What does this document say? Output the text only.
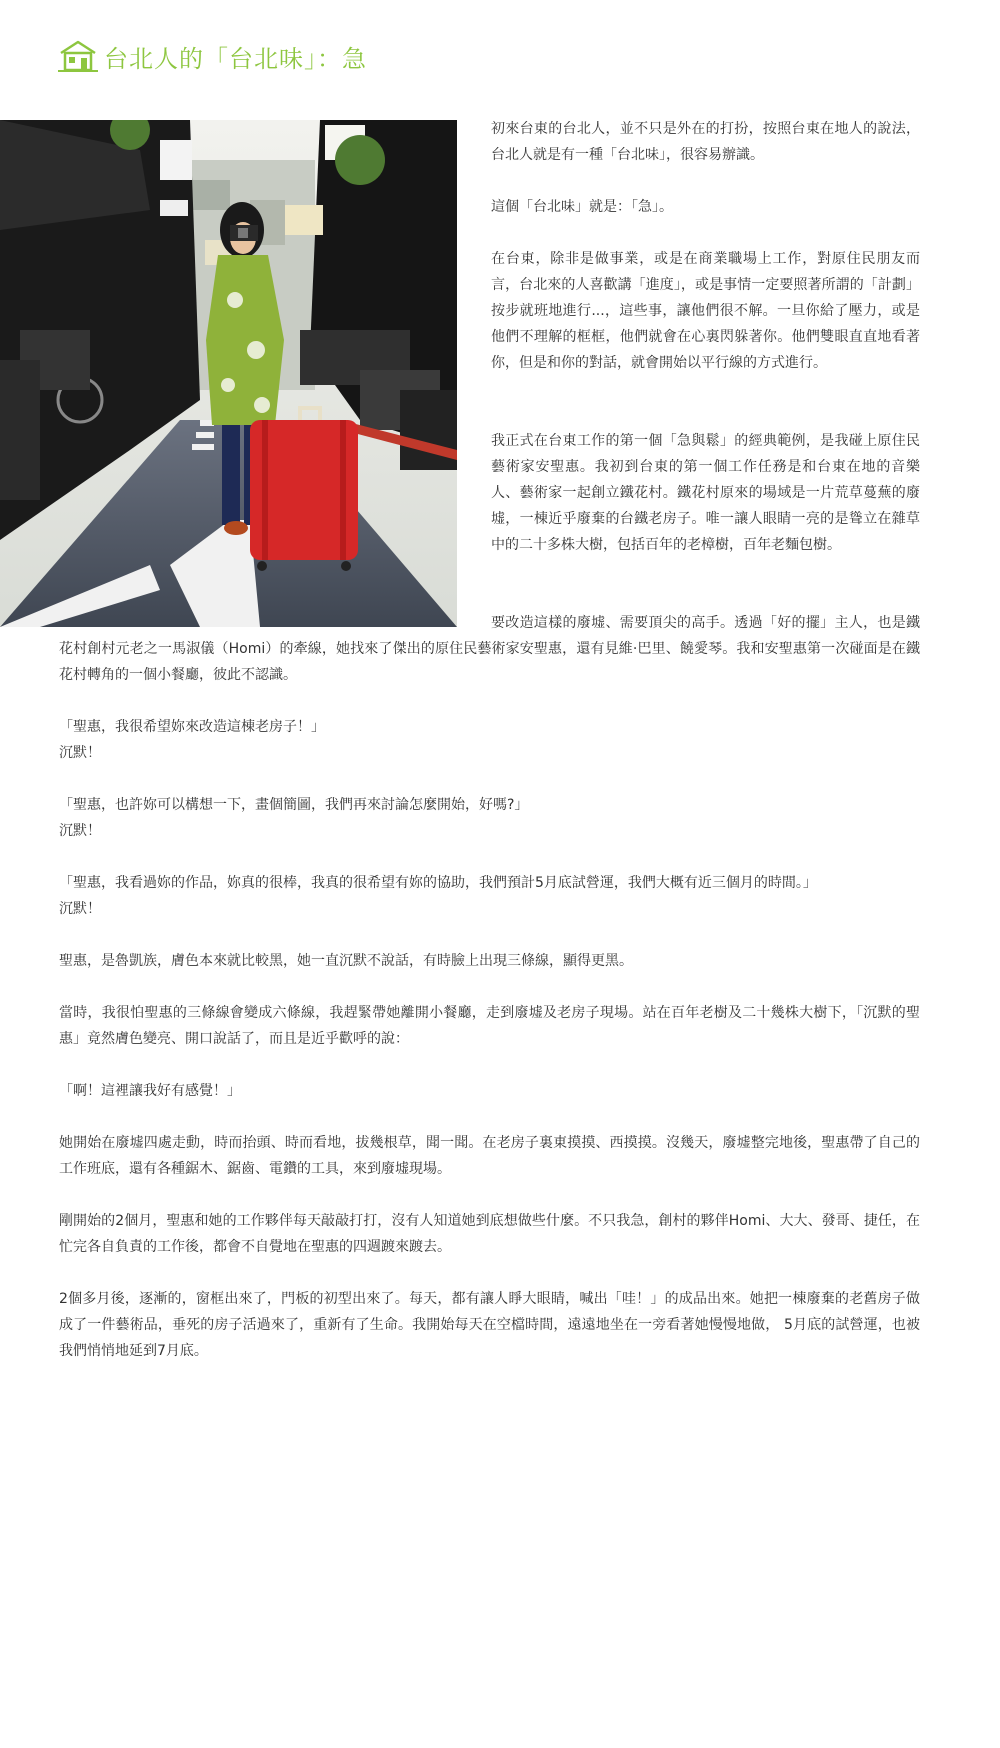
台北人的「台北味」：急

初來台東的台北人，並不只是外在的打扮，按照台東在地人的說法，台北人就是有一種「台北味」，很容易辦識。

這個「台北味」就是：「急」。

在台東，除非是做事業，或是在商業職場上工作，對原住民朋友而言，台北來的人喜歡講「進度」，或是事情一定要照著所謂的「計劃」按步就班地進行...，這些事，讓他們很不解。一旦你給了壓力，或是他們不理解的框框，他們就會在心裏閃躲著你。他們雙眼直直地看著你，但是和你的對話，就會開始以平行線的方式進行。

我正式在台東工作的第一個「急與鬆」的經典範例，是我碰上原住民藝術家安聖惠。我初到台東的第一個工作任務是和台東在地的音樂人、藝術家一起創立鐵花村。鐵花村原來的場域是一片荒草蔓蕪的廢墟，一棟近乎廢棄的台鐵老房子。唯一讓人眼睛一亮的是聳立在雜草中的二十多株大樹，包括百年的老樟樹，百年老麵包樹。

要改造這樣的廢墟、需要頂尖的高手。透過「好的擺」主人，也是鐵花村創村元老之一馬淑儀（Homi）的牽線，她找來了傑出的原住民藝術家安聖惠，還有見維·巴里、饒愛琴。我和安聖惠第一次碰面是在鐵花村轉角的一個小餐廳，彼此不認識。

「聖惠，我很希望妳來改造這棟老房子！」

沉默！

「聖惠，也許妳可以構想一下，畫個簡圖，我們再來討論怎麼開始，好嗎?」

沉默！

「聖惠，我看過妳的作品，妳真的很棒，我真的很希望有妳的協助，我們預計5月底試營運，我們大概有近三個月的時間。」

沉默！

聖惠，是魯凱族，膚色本來就比較黑，她一直沉默不說話，有時臉上出現三條線，顯得更黑。

當時，我很怕聖惠的三條線會變成六條線，我趕緊帶她離開小餐廳，走到廢墟及老房子現場。站在百年老樹及二十幾株大樹下，「沉默的聖惠」竟然膚色變亮、開口說話了，而且是近乎歡呼的說：

「啊！這裡讓我好有感覺！」

她開始在廢墟四處走動，時而抬頭、時而看地，拔幾根草，聞一聞。在老房子裏東摸摸、西摸摸。沒幾天，廢墟整完地後，聖惠帶了自己的工作班底，還有各種鋸木、鋸齒、電鑽的工具，來到廢墟現場。

剛開始的2個月，聖惠和她的工作夥伴每天敲敲打打，沒有人知道她到底想做些什麼。不只我急，創村的夥伴Homi、大大、發哥、捷任，在忙完各自負責的工作後，都會不自覺地在聖惠的四週踱來踱去。

2個多月後，逐漸的，窗框出來了，門板的初型出來了。每天，都有讓人睜大眼睛，喊出「哇！」的成品出來。她把一棟廢棄的老舊房子做成了一件藝術品，垂死的房子活過來了，重新有了生命。我開始每天在空檔時間，遠遠地坐在一旁看著她慢慢地做， 5月底的試營運，也被我們悄悄地延到7月底。
